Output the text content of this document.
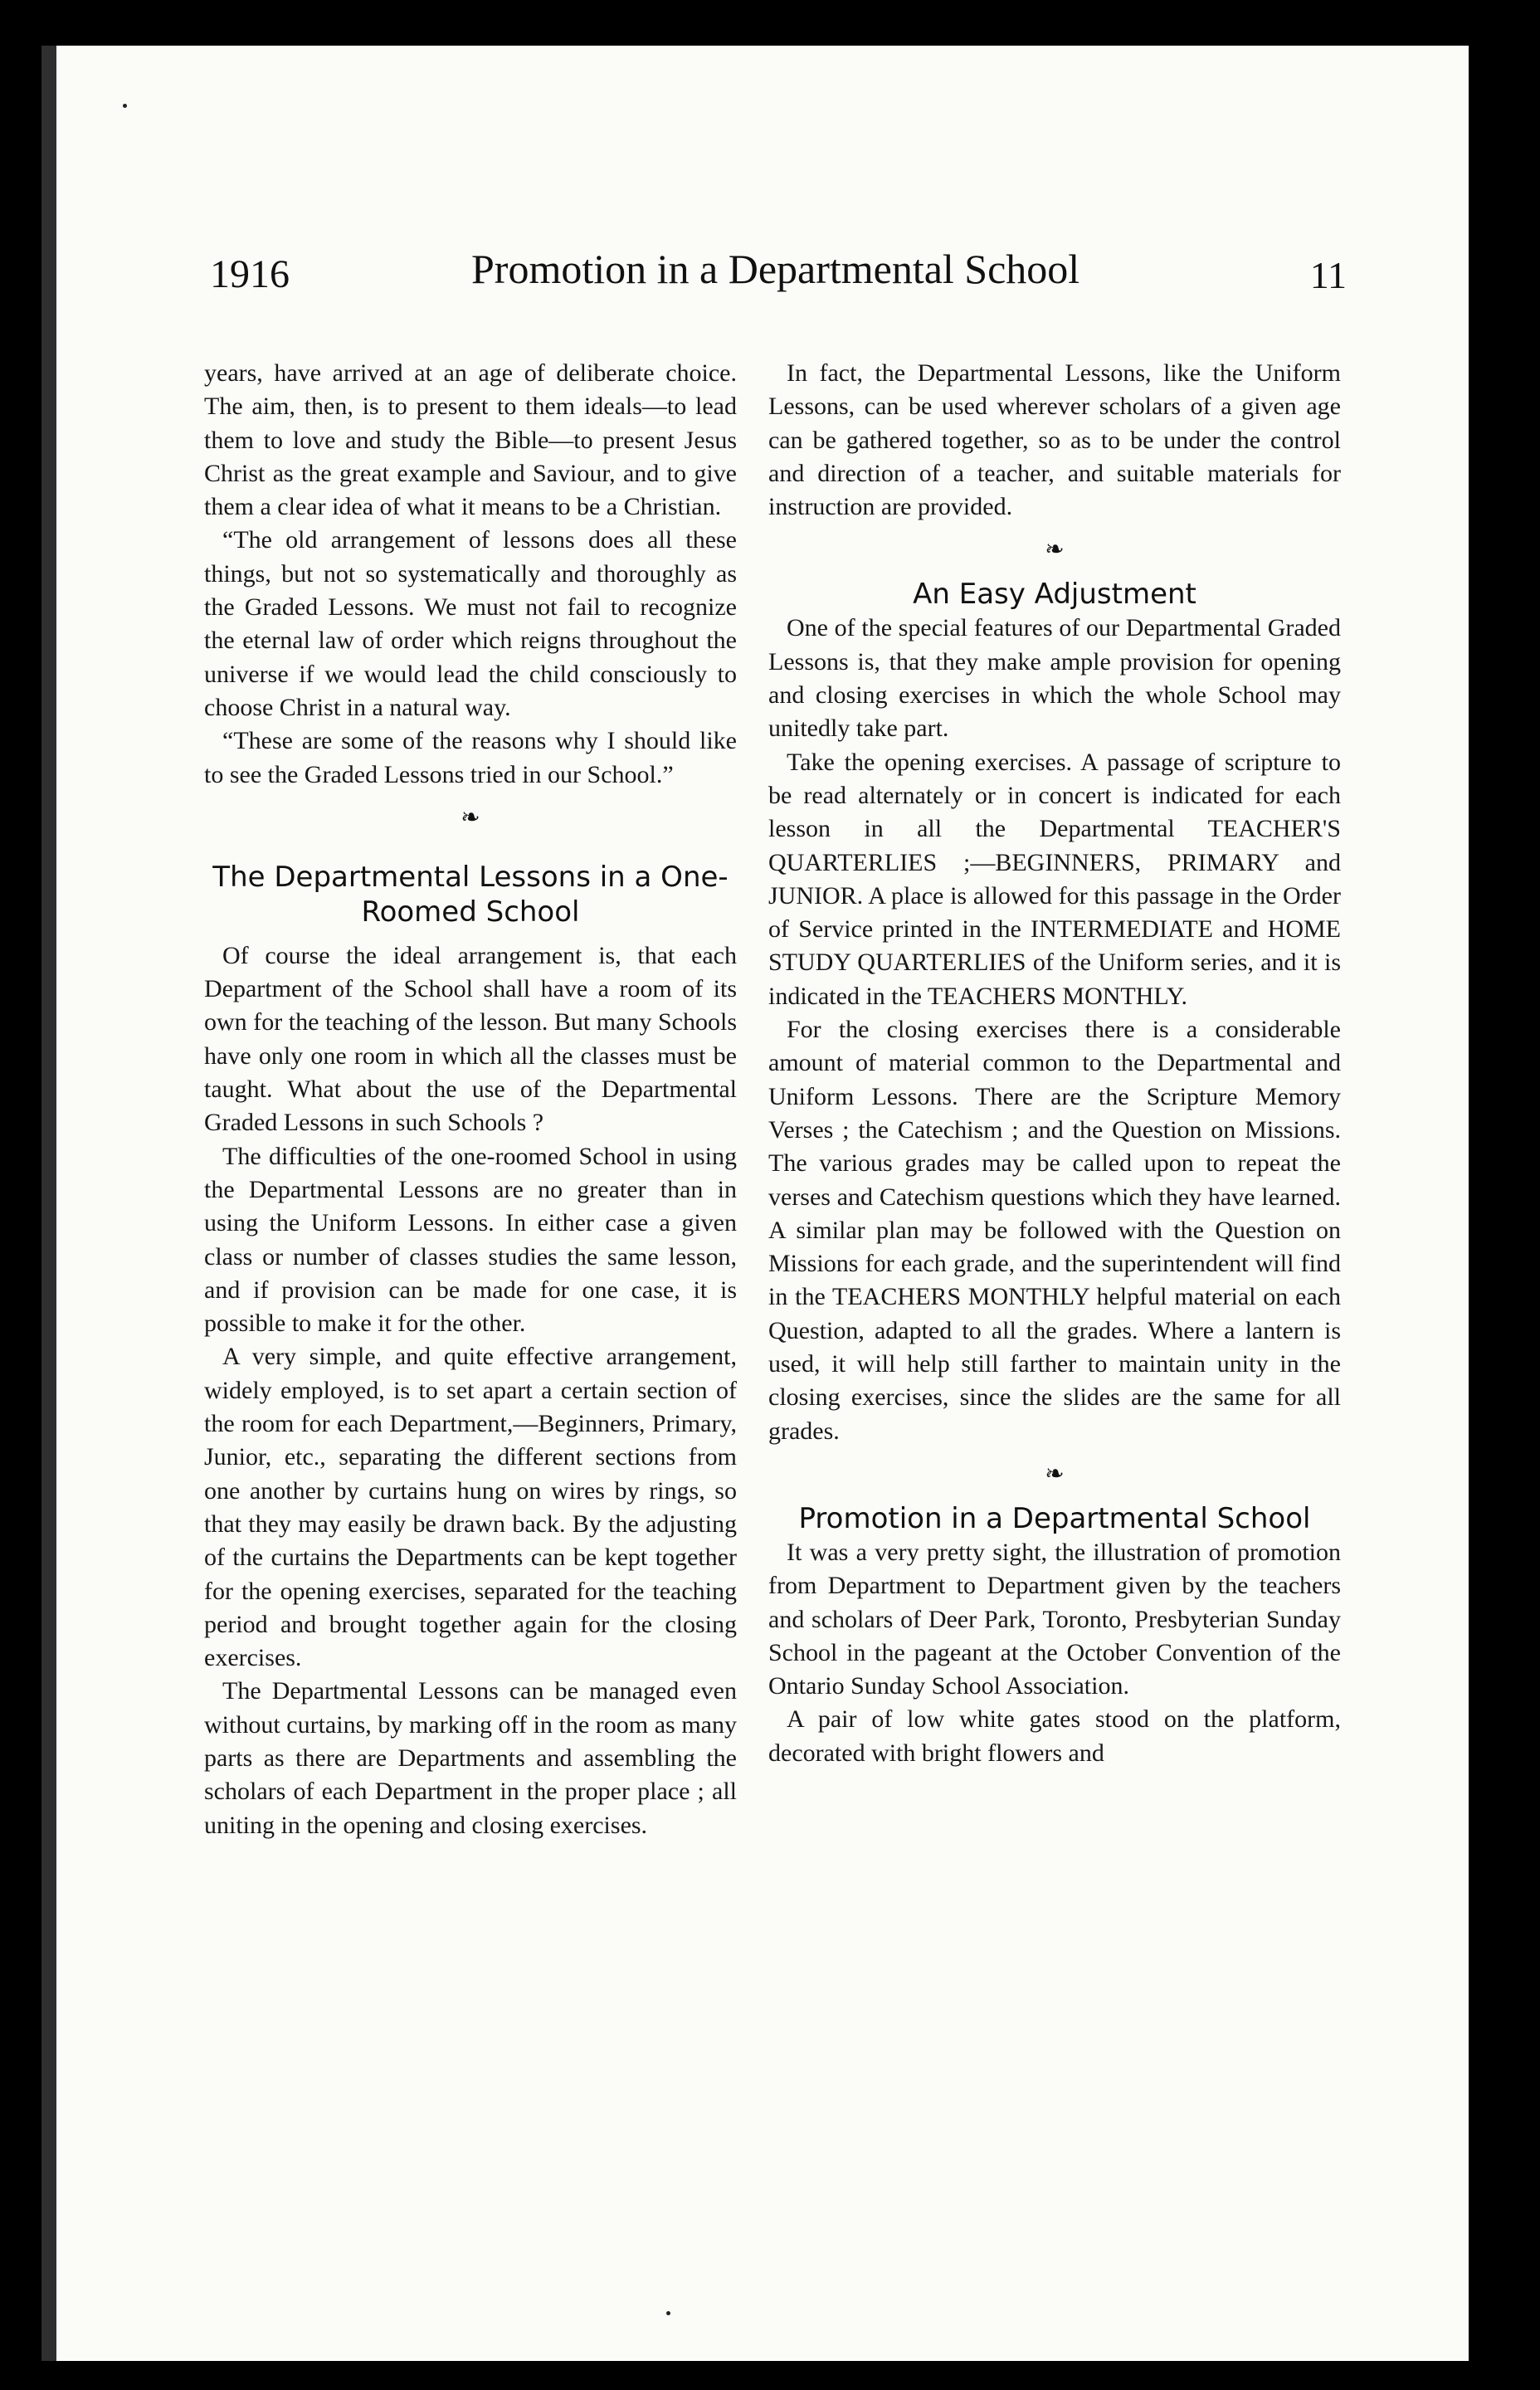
1916	Promotion in a Departmental School	11

years, have arrived at an age of deliberate choice. The aim, then, is to present to them ideals—to lead them to love and study the Bible—to present Jesus Christ as the great example and Saviour, and to give them a clear idea of what it means to be a Christian.

“The old arrangement of lessons does all these things, but not so systematically and thoroughly as the Graded Lessons. We must not fail to recognize the eternal law of order which reigns throughout the universe if we would lead the child consciously to choose Christ in a natural way.

“These are some of the reasons why I should like to see the Graded Lessons tried in our School.”

❧
The Departmental Lessons in a One-Roomed School

Of course the ideal arrangement is, that each Department of the School shall have a room of its own for the teaching of the lesson. But many Schools have only one room in which all the classes must be taught. What about the use of the Departmental Graded Lessons in such Schools ?

The difficulties of the one-roomed School in using the Departmental Lessons are no greater than in using the Uniform Lessons. In either case a given class or number of classes studies the same lesson, and if provision can be made for one case, it is possible to make it for the other.

A very simple, and quite effective arrangement, widely employed, is to set apart a certain section of the room for each Department,—Beginners, Primary, Junior, etc., separating the different sections from one another by curtains hung on wires by rings, so that they may easily be drawn back. By the adjusting of the curtains the Departments can be kept together for the opening exercises, separated for the teaching period and brought together again for the closing exercises.

The Departmental Lessons can be managed even without curtains, by marking off in the room as many parts as there are Departments and assembling the scholars of each Department in the proper place ; all uniting in the opening and closing exercises.

In fact, the Departmental Lessons, like the Uniform Lessons, can be used wherever scholars of a given age can be gathered together, so as to be under the control and direction of a teacher, and suitable materials for instruction are provided.

❧
An Easy Adjustment

One of the special features of our Departmental Graded Lessons is, that they make ample provision for opening and closing exercises in which the whole School may unitedly take part.

Take the opening exercises. A passage of scripture to be read alternately or in concert is indicated for each lesson in all the Departmental TEACHER'S QUARTERLIES ;—BEGINNERS, PRIMARY and JUNIOR. A place is allowed for this passage in the Order of Service printed in the INTERMEDIATE and HOME STUDY QUARTERLIES of the Uniform series, and it is indicated in the TEACHERS MONTHLY.

For the closing exercises there is a considerable amount of material common to the Departmental and Uniform Lessons. There are the Scripture Memory Verses ; the Catechism ; and the Question on Missions. The various grades may be called upon to repeat the verses and Catechism questions which they have learned. A similar plan may be followed with the Question on Missions for each grade, and the superintendent will find in the TEACHERS MONTHLY helpful material on each Question, adapted to all the grades. Where a lantern is used, it will help still farther to maintain unity in the closing exercises, since the slides are the same for all grades.

❧
Promotion in a Departmental School

It was a very pretty sight, the illustration of promotion from Department to Department given by the teachers and scholars of Deer Park, Toronto, Presbyterian Sunday School in the pageant at the October Convention of the Ontario Sunday School Association.

A pair of low white gates stood on the platform, decorated with bright flowers and
